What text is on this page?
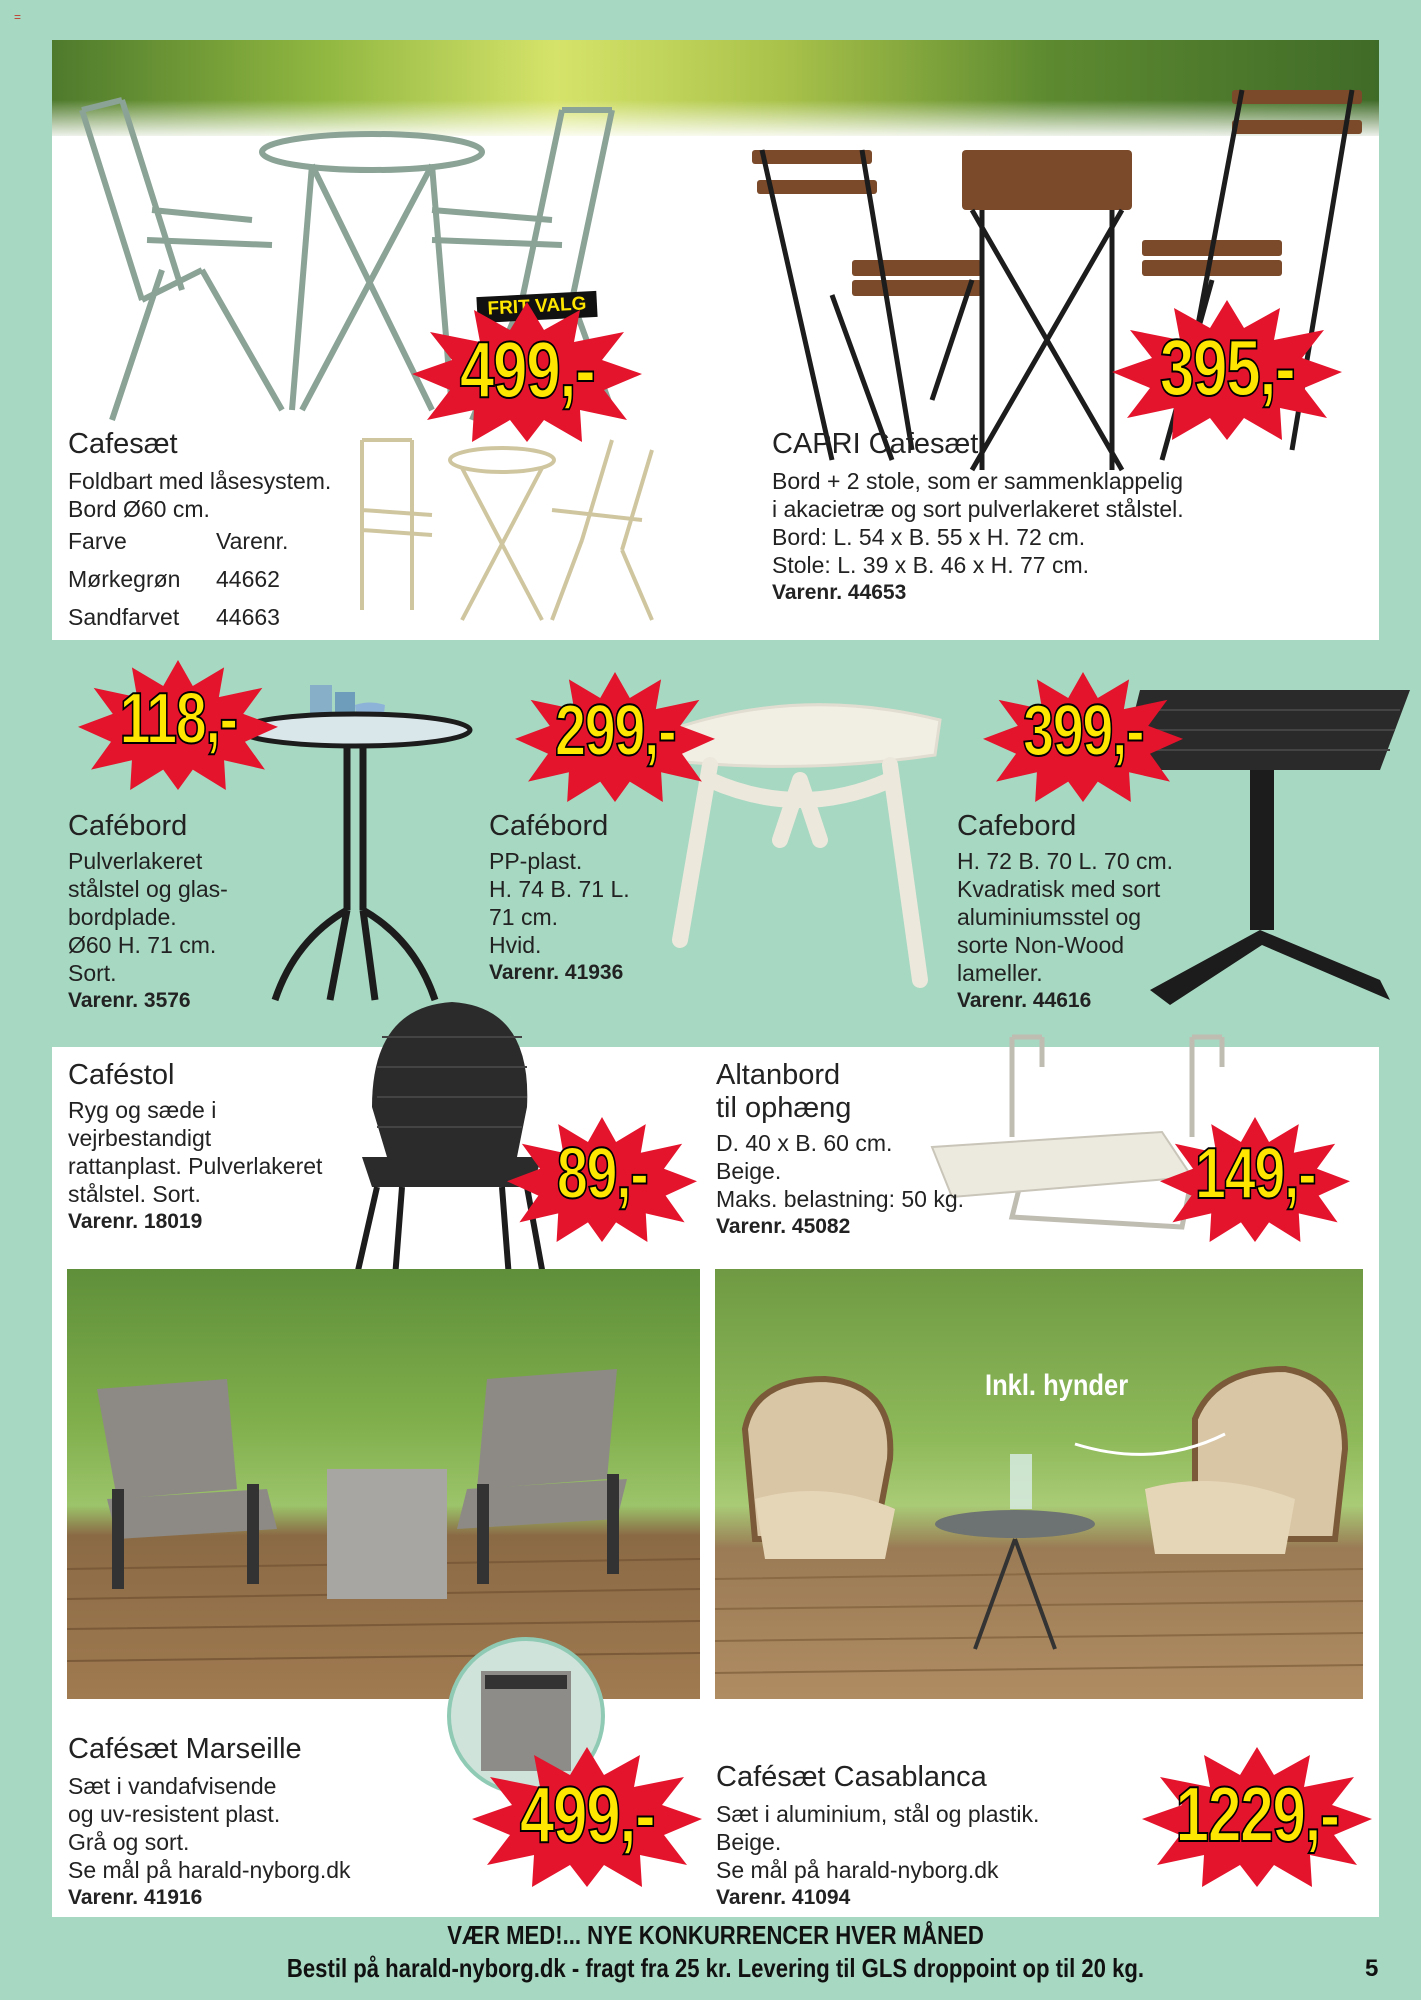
=
FRIT VALG
499,-	395,-
Cafesæt
Foldbart med låsesystem.
Bord Ø60 cm.
Farve	Varenr.
Mørkegrøn	44662
Sandfarvet	44663
CAPRI Cafesæt
Bord + 2 stole, som er sammenklappelig
i akacietræ og sort pulverlakeret stålstel.
Bord: L. 54 x B. 55 x H. 72 cm.
Stole: L. 39 x B. 46 x H. 77 cm.
Varenr. 44653
118,-	299,-	399,-
Cafébord
Pulverlakeret
stålstel og glas-
bordplade.
Ø60 H. 71 cm.
Sort.
Varenr. 3576
Cafébord
PP-plast.
H. 74 B. 71 L.
71 cm.
Hvid.
Varenr. 41936
Cafebord
H. 72 B. 70 L. 70 cm.
Kvadratisk med sort
aluminiumsstel og
sorte Non-Wood
lameller.
Varenr. 44616
89,-	149,-
Caféstol
Ryg og sæde i
vejrbestandigt
rattanplast. Pulverlakeret
stålstel. Sort.
Varenr. 18019
Altanbord
til ophæng
D. 40 x B. 60 cm.
Beige.
Maks. belastning: 50 kg.
Varenr. 45082
Inkl. hynder
Cafésæt Marseille
Sæt i vandafvisende
og uv-resistent plast.
Grå og sort.
Se mål på harald-nyborg.dk
Varenr. 41916
Cafésæt Casablanca
Sæt i aluminium, stål og plastik.
Beige.
Se mål på harald-nyborg.dk
Varenr. 41094
499,-	1229,-
VÆR MED!... NYE KONKURRENCER HVER MÅNED
Bestil på harald-nyborg.dk - fragt fra 25 kr. Levering til GLS droppoint op til 20 kg.	5
